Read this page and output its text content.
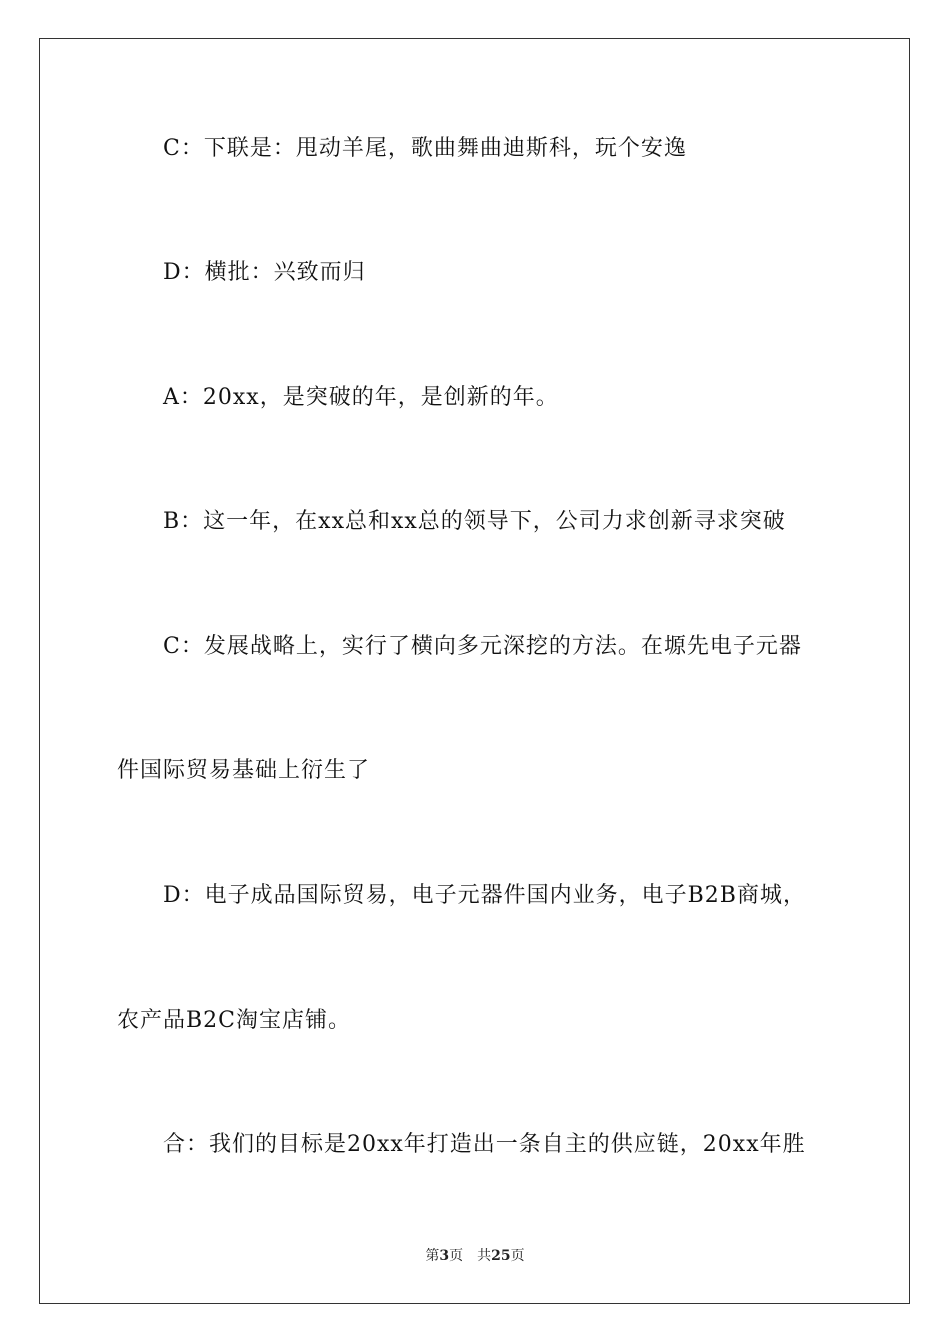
C：下联是：甩动羊尾，歌曲舞曲迪斯科，玩个安逸
D：横批：兴致而归
A：20xx，是突破的年，是创新的年。
B：这一年，在xx总和xx总的领导下，公司力求创新寻求突破
C：发展战略上，实行了横向多元深挖的方法。在塬先电子元器
件国际贸易基础上衍生了
D：电子成品国际贸易，电子元器件国内业务，电子B2B商城，
农产品B2C淘宝店铺。
合：我们的目标是20xx年打造出一条自主的供应链，20xx年胜
第3页 共25页
